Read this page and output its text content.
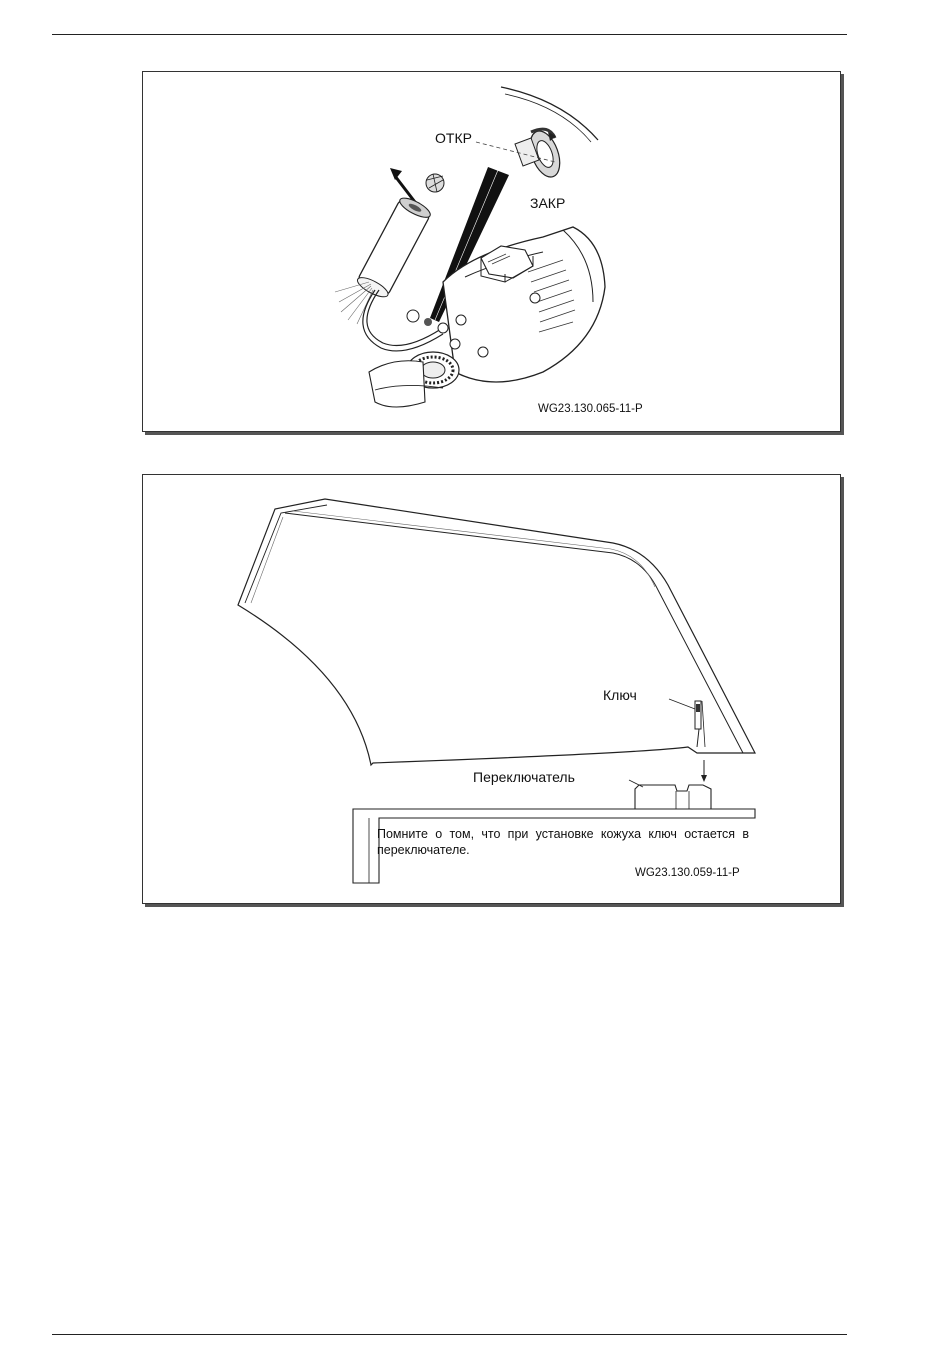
ОТКР
ЗАКР
WG23.130.065-11-P
Ключ
Переключатель
Помните о том, что при установке кожуха ключ остается в переключателе.
WG23.130.059-11-P
